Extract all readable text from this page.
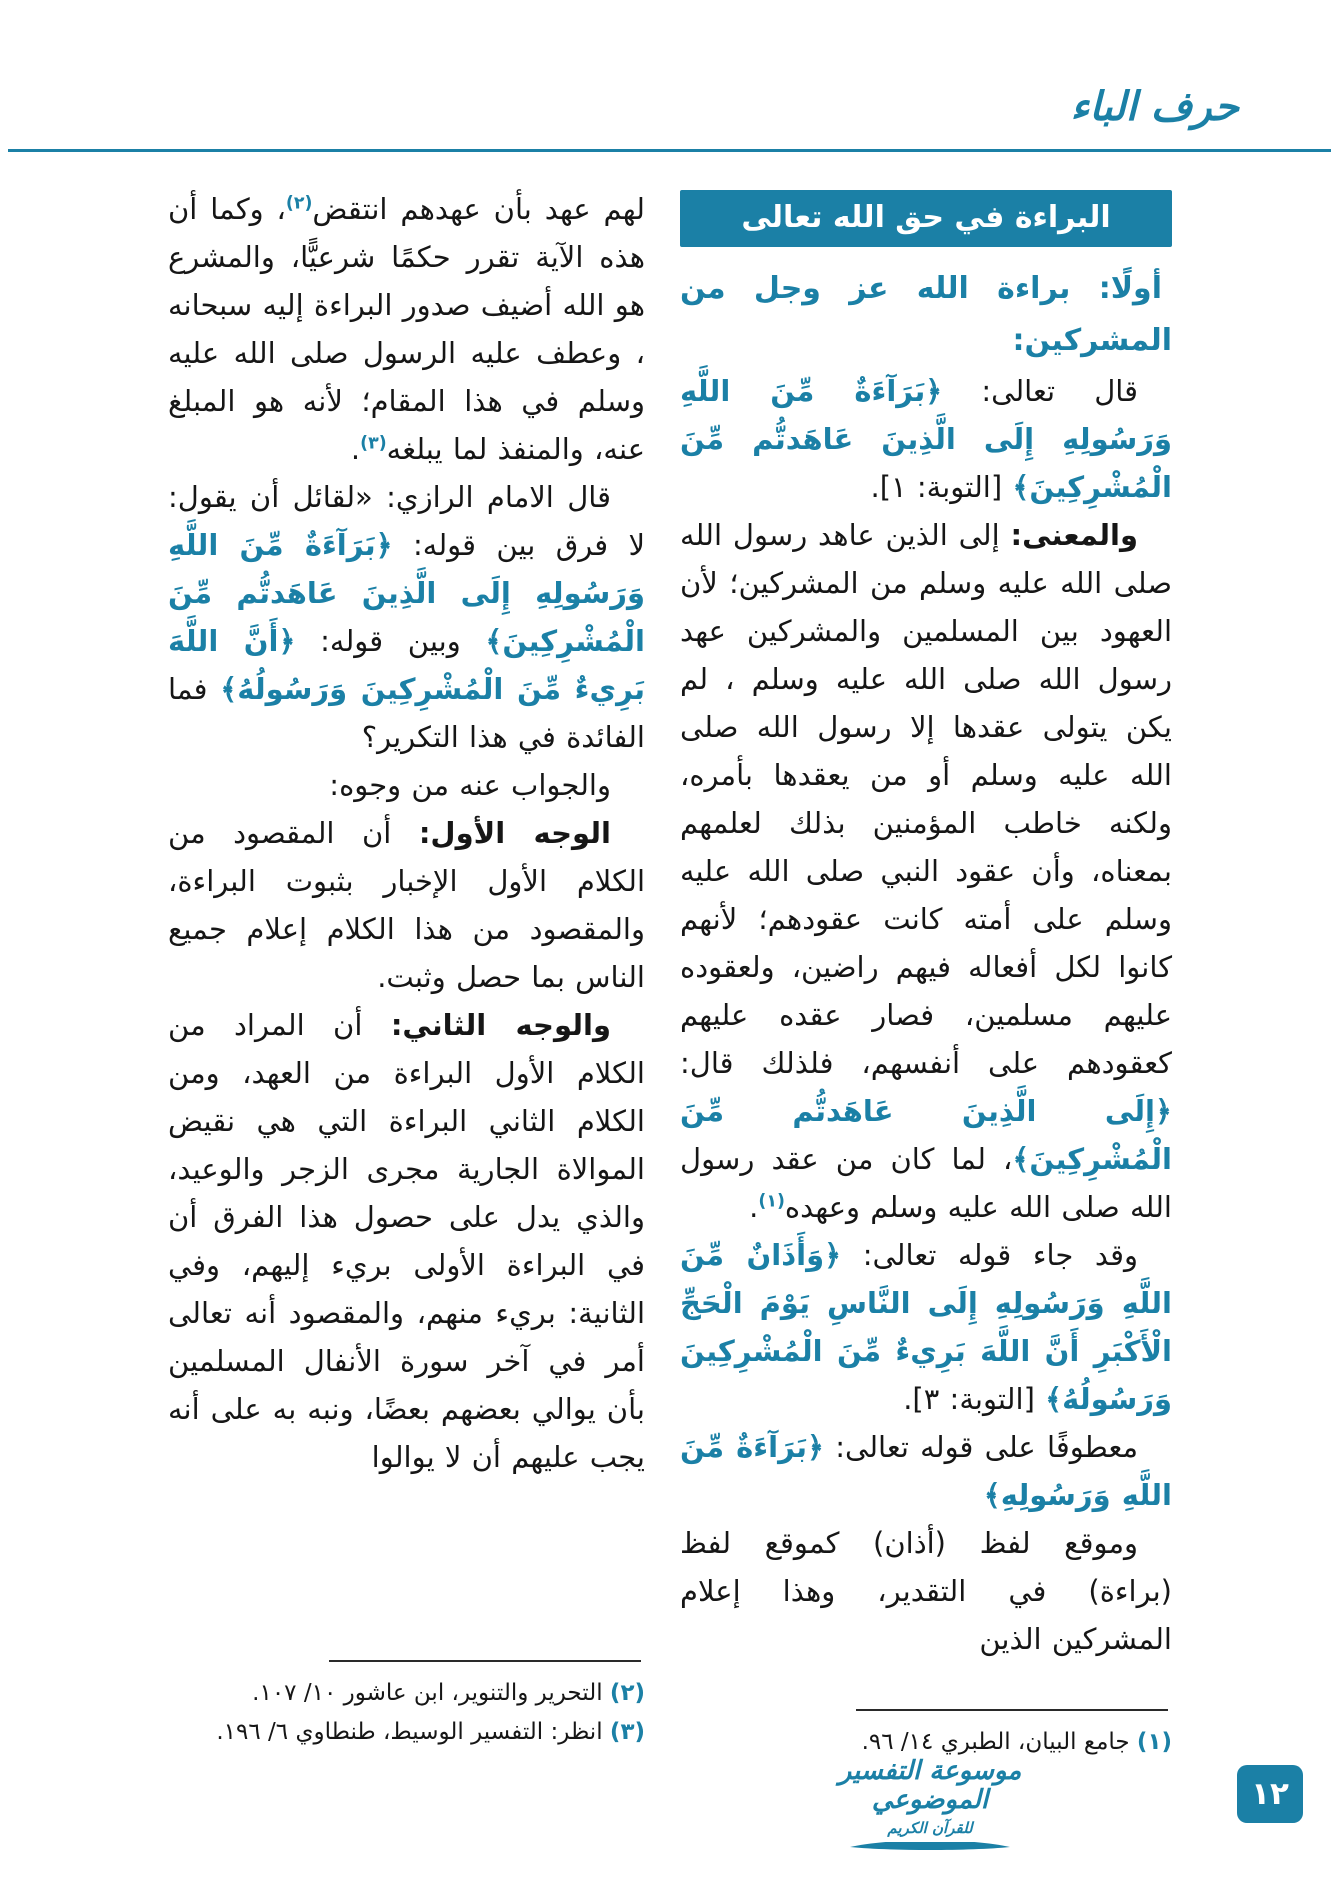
حرف الباء
البراءة في حق الله تعالى

أولًا: براءة الله عز وجل من المشركين:

قال تعالى: ﴿بَرَآءَةٌ مِّنَ اللَّهِ وَرَسُولِهِ إِلَى الَّذِينَ عَاهَدتُّم مِّنَ الْمُشْرِكِينَ﴾ [التوبة: ١].

والمعنى: إلى الذين عاهد رسول الله صلى الله عليه وسلم من المشركين؛ لأن العهود بين المسلمين والمشركين عهد رسول الله صلى الله عليه وسلم ، لم يكن يتولى عقدها إلا رسول الله صلى الله عليه وسلم أو من يعقدها بأمره، ولكنه خاطب المؤمنين بذلك لعلمهم بمعناه، وأن عقود النبي صلى الله عليه وسلم على أمته كانت عقودهم؛ لأنهم كانوا لكل أفعاله فيهم راضين، ولعقوده عليهم مسلمين، فصار عقده عليهم كعقودهم على أنفسهم، فلذلك قال: ﴿إِلَى الَّذِينَ عَاهَدتُّم مِّنَ الْمُشْرِكِينَ﴾، لما كان من عقد رسول الله صلى الله عليه وسلم وعهده$^{(١)}$.

وقد جاء قوله تعالى: ﴿وَأَذَانٌ مِّنَ اللَّهِ وَرَسُولِهِ إِلَى النَّاسِ يَوْمَ الْحَجِّ الْأَكْبَرِ أَنَّ اللَّهَ بَرِيءٌ مِّنَ الْمُشْرِكِينَ وَرَسُولُهُ﴾ [التوبة: ٣].

معطوفًا على قوله تعالى: ﴿بَرَآءَةٌ مِّنَ اللَّهِ وَرَسُولِهِ﴾

وموقع لفظ (أذان) كموقع لفظ (براءة) في التقدير، وهذا إعلام المشركين الذين

(١) جامع البيان، الطبري ١٤/ ٩٦.

لهم عهد بأن عهدهم انتقض$^{(٢)}$، وكما أن هذه الآية تقرر حكمًا شرعيًّا، والمشرع هو الله أضيف صدور البراءة إليه سبحانه ، وعطف عليه الرسول صلى الله عليه وسلم في هذا المقام؛ لأنه هو المبلغ عنه، والمنفذ لما يبلغه$^{(٣)}$.

قال الامام الرازي: «لقائل أن يقول: لا فرق بين قوله: ﴿بَرَآءَةٌ مِّنَ اللَّهِ وَرَسُولِهِ إِلَى الَّذِينَ عَاهَدتُّم مِّنَ الْمُشْرِكِينَ﴾ وبين قوله: ﴿أَنَّ اللَّهَ بَرِيءٌ مِّنَ الْمُشْرِكِينَ وَرَسُولُهُ﴾ فما الفائدة في هذا التكرير؟

والجواب عنه من وجوه:

الوجه الأول: أن المقصود من الكلام الأول الإخبار بثبوت البراءة، والمقصود من هذا الكلام إعلام جميع الناس بما حصل وثبت.

والوجه الثاني: أن المراد من الكلام الأول البراءة من العهد، ومن الكلام الثاني البراءة التي هي نقيض الموالاة الجارية مجرى الزجر والوعيد، والذي يدل على حصول هذا الفرق أن في البراءة الأولى بريء إليهم، وفي الثانية: بريء منهم، والمقصود أنه تعالى أمر في آخر سورة الأنفال المسلمين بأن يوالي بعضهم بعضًا، ونبه به على أنه يجب عليهم أن لا يوالوا

(٢) التحرير والتنوير، ابن عاشور ١٠/ ١٠٧.

(٣) انظر: التفسير الوسيط، طنطاوي ٦/ ١٩٦.

موسوعة التفسير الموضوعي
للقرآن الكريم
١٢
